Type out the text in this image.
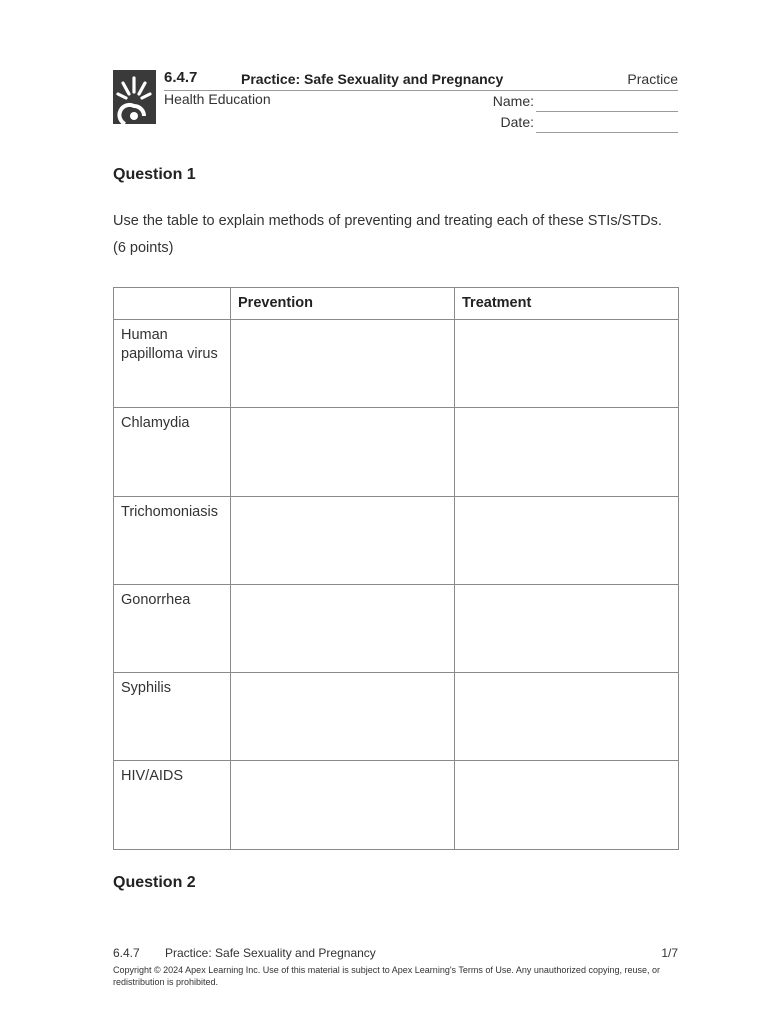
6.4.7	Practice: Safe Sexuality and Pregnancy	Practice
Health Education	Name:
Date:
Question 1
Use the table to explain methods of preventing and treating each of these STIs/STDs. (6 points)
	Prevention	Treatment
Human papilloma virus		
Chlamydia		
Trichomoniasis		
Gonorrhea		
Syphilis		
HIV/AIDS		
Question 2
6.4.7 Practice: Safe Sexuality and Pregnancy	1/7
Copyright © 2024 Apex Learning Inc. Use of this material is subject to Apex Learning's Terms of Use. Any unauthorized copying, reuse, or redistribution is prohibited.
